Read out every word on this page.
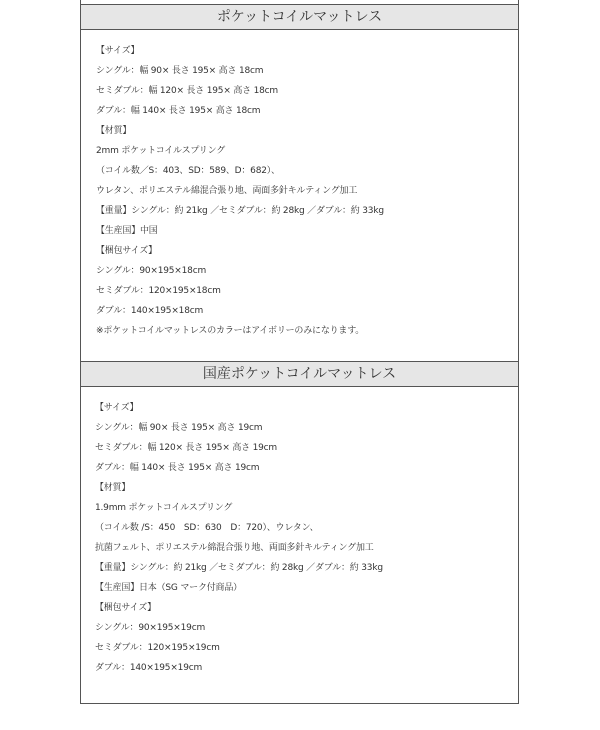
ポケットコイルマットレス
【サイズ】
シングル：幅 90× 長さ 195× 高さ 18cm
セミダブル：幅 120× 長さ 195× 高さ 18cm
ダブル：幅 140× 長さ 195× 高さ 18cm
【材質】
2mm ポケットコイルスプリング
（コイル数／S：403、SD：589、D：682）、
ウレタン、ポリエステル綿混合張り地、両面多針キルティング加工
【重量】シングル：約 21kg ／セミダブル：約 28kg ／ダブル：約 33kg
【生産国】中国
【梱包サイズ】
シングル：90×195×18cm
セミダブル：120×195×18cm
ダブル：140×195×18cm
※ポケットコイルマットレスのカラーはアイボリーのみになります。
国産ポケットコイルマットレス
【サイズ】
シングル：幅 90× 長さ 195× 高さ 19cm
セミダブル：幅 120× 長さ 195× 高さ 19cm
ダブル：幅 140× 長さ 195× 高さ 19cm
【材質】
1.9mm ポケットコイルスプリング
（コイル数 /S：450　SD：630　D：720）、ウレタン、
抗菌フェルト、ポリエステル綿混合張り地、両面多針キルティング加工
【重量】シングル：約 21kg ／セミダブル：約 28kg ／ダブル：約 33kg
【生産国】日本（SG マーク付商品）
【梱包サイズ】
シングル：90×195×19cm
セミダブル：120×195×19cm
ダブル：140×195×19cm
